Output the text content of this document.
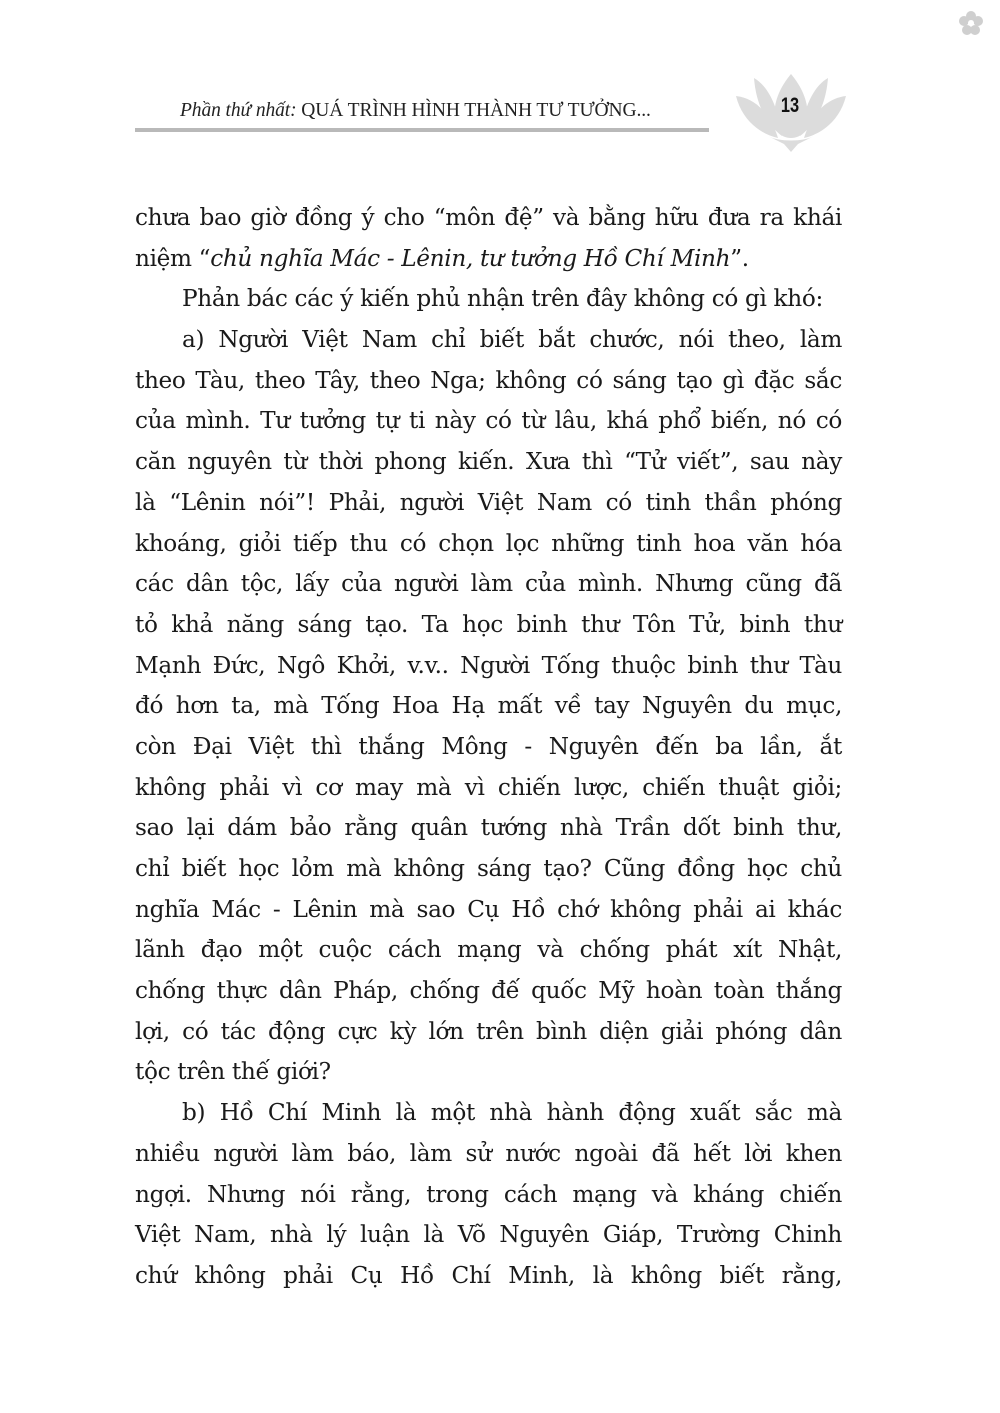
Phần thứ nhất: QUÁ TRÌNH HÌNH THÀNH TƯ TƯỞNG...	13
chưa bao giờ đồng ý cho “môn đệ” và bằng hữu đưa ra khái
niệm “chủ nghĩa Mác - Lênin, tư tưởng Hồ Chí Minh”.
Phản bác các ý kiến phủ nhận trên đây không có gì khó:
a) Người Việt Nam chỉ biết bắt chước, nói theo, làm
theo Tàu, theo Tây, theo Nga; không có sáng tạo gì đặc sắc
của mình. Tư tưởng tự ti này có từ lâu, khá phổ biến, nó có
căn nguyên từ thời phong kiến. Xưa thì “Tử viết”, sau này
là “Lênin nói”! Phải, người Việt Nam có tinh thần phóng
khoáng, giỏi tiếp thu có chọn lọc những tinh hoa văn hóa
các dân tộc, lấy của người làm của mình. Nhưng cũng đã
tỏ khả năng sáng tạo. Ta học binh thư Tôn Tử, binh thư
Mạnh Đức, Ngô Khởi, v.v.. Người Tống thuộc binh thư Tàu
đó hơn ta, mà Tống Hoa Hạ mất về tay Nguyên du mục,
còn Đại Việt thì thắng Mông - Nguyên đến ba lần, ắt
không phải vì cơ may mà vì chiến lược, chiến thuật giỏi;
sao lại dám bảo rằng quân tướng nhà Trần dốt binh thư,
chỉ biết học lỏm mà không sáng tạo? Cũng đồng học chủ
nghĩa Mác - Lênin mà sao Cụ Hồ chớ không phải ai khác
lãnh đạo một cuộc cách mạng và chống phát xít Nhật,
chống thực dân Pháp, chống đế quốc Mỹ hoàn toàn thắng
lợi, có tác động cực kỳ lớn trên bình diện giải phóng dân
tộc trên thế giới?
b) Hồ Chí Minh là một nhà hành động xuất sắc mà
nhiều người làm báo, làm sử nước ngoài đã hết lời khen
ngợi. Nhưng nói rằng, trong cách mạng và kháng chiến
Việt Nam, nhà lý luận là Võ Nguyên Giáp, Trường Chinh
chứ không phải Cụ Hồ Chí Minh, là không biết rằng,
